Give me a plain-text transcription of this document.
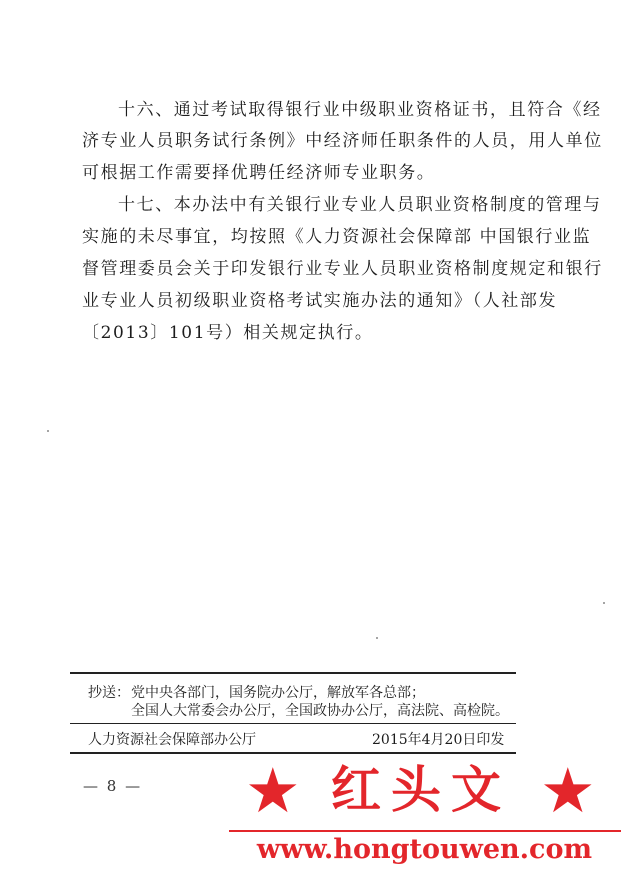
十六、通过考试取得银行业中级职业资格证书，且符合《经

济专业人员职务试行条例》中经济师任职条件的人员，用人单位

可根据工作需要择优聘任经济师专业职务。

十七、本办法中有关银行业专业人员职业资格制度的管理与

实施的未尽事宜，均按照《人力资源社会保障部 中国银行业监

督管理委员会关于印发银行业专业人员职业资格制度规定和银行

业专业人员初级职业资格考试实施办法的通知》（人社部发

〔2013〕101号）相关规定执行。

抄送： 党中央各部门，国务院办公厅，解放军各总部；
全国人大常委会办公厅，全国政协办公厅，高法院、高检院。
人力资源社会保障部办公厅	2015年4月20日印发
— 8 — ★ 红头文 ★
www.hongtouwen.com
